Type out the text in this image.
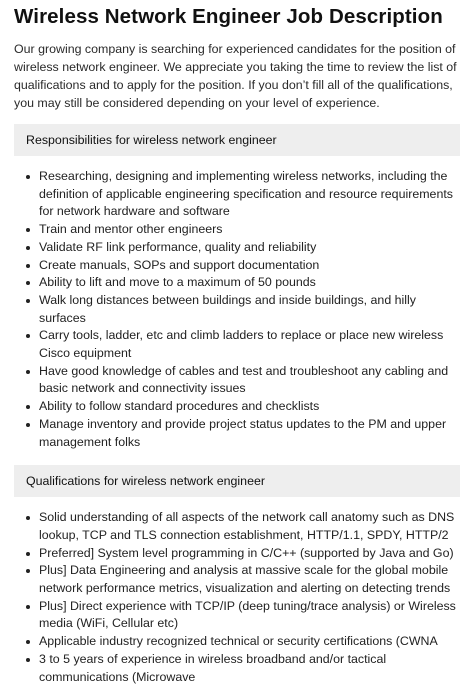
Wireless Network Engineer Job Description

Our growing company is searching for experienced candidates for the position of wireless network engineer. We appreciate you taking the time to review the list of qualifications and to apply for the position. If you don’t fill all of the qualifications, you may still be considered depending on your level of experience.

Responsibilities for wireless network engineer
Researching, designing and implementing wireless networks, including the definition of applicable engineering specification and resource requirements for network hardware and software
Train and mentor other engineers
Validate RF link performance, quality and reliability
Create manuals, SOPs and support documentation
Ability to lift and move to a maximum of 50 pounds
Walk long distances between buildings and inside buildings, and hilly surfaces
Carry tools, ladder, etc and climb ladders to replace or place new wireless Cisco equipment
Have good knowledge of cables and test and troubleshoot any cabling and basic network and connectivity issues
Ability to follow standard procedures and checklists
Manage inventory and provide project status updates to the PM and upper management folks
Qualifications for wireless network engineer
Solid understanding of all aspects of the network call anatomy such as DNS lookup, TCP and TLS connection establishment, HTTP/1.1, SPDY, HTTP/2
Preferred] System level programming in C/C++ (supported by Java and Go)
Plus] Data Engineering and analysis at massive scale for the global mobile network performance metrics, visualization and alerting on detecting trends
Plus] Direct experience with TCP/IP (deep tuning/trace analysis) or Wireless media (WiFi, Cellular etc)
Applicable industry recognized technical or security certifications (CWNA
3 to 5 years of experience in wireless broadband and/or tactical communications (Microwave
